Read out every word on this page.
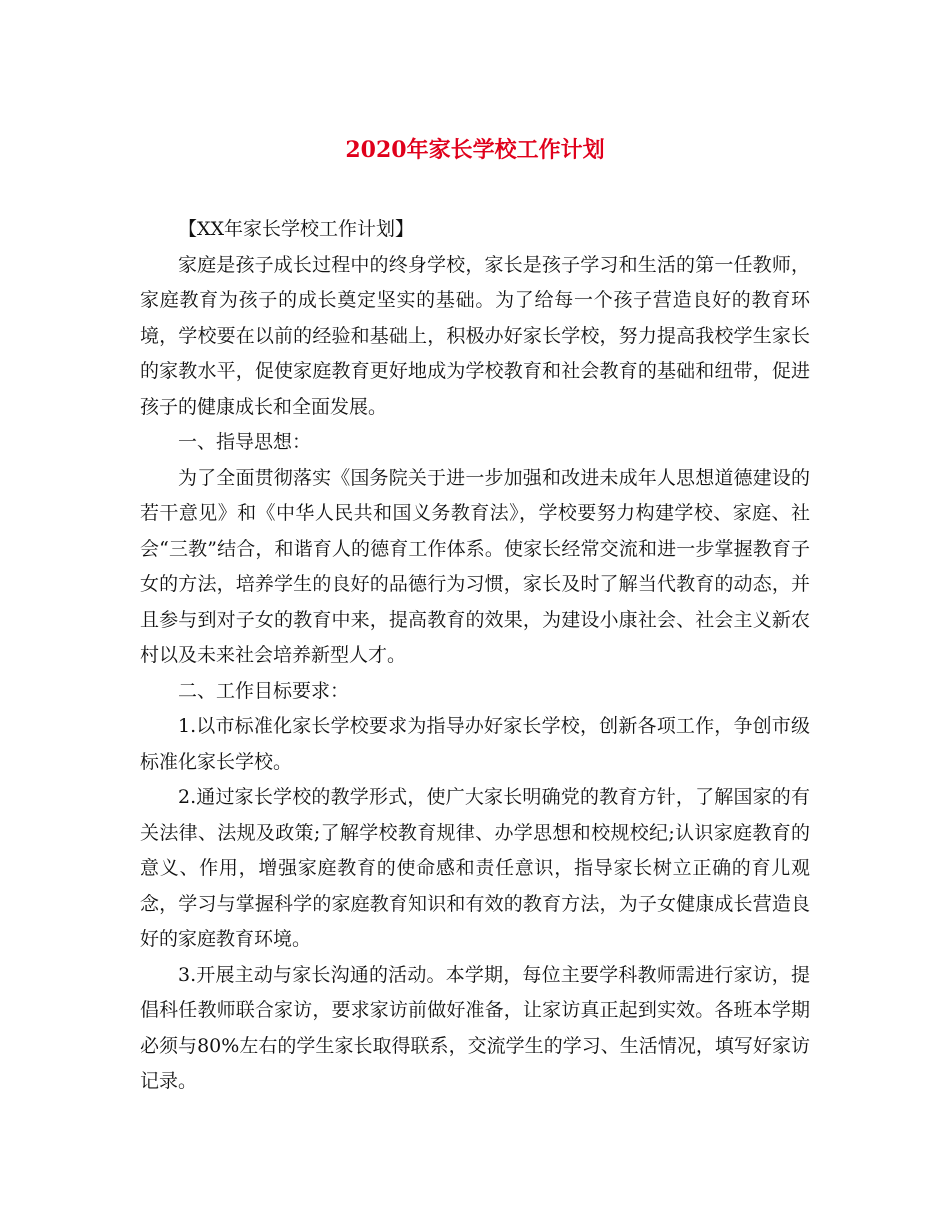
2020年家长学校工作计划

【XX年家长学校工作计划】

家庭是孩子成长过程中的终身学校，家长是孩子学习和生活的第一任教师，家庭教育为孩子的成长奠定坚实的基础。为了给每一个孩子营造良好的教育环境，学校要在以前的经验和基础上，积极办好家长学校，努力提高我校学生家长的家教水平，促使家庭教育更好地成为学校教育和社会教育的基础和纽带，促进孩子的健康成长和全面发展。

一、指导思想：

为了全面贯彻落实《国务院关于进一步加强和改进未成年人思想道德建设的若干意见》和《中华人民共和国义务教育法》，学校要努力构建学校、家庭、社会“三教”结合，和谐育人的德育工作体系。使家长经常交流和进一步掌握教育子女的方法，培养学生的良好的品德行为习惯，家长及时了解当代教育的动态，并且参与到对子女的教育中来，提高教育的效果，为建设小康社会、社会主义新农村以及未来社会培养新型人才。

二、工作目标要求：

1.以市标准化家长学校要求为指导办好家长学校，创新各项工作，争创市级标准化家长学校。

2.通过家长学校的教学形式，使广大家长明确党的教育方针，了解国家的有关法律、法规及政策;了解学校教育规律、办学思想和校规校纪;认识家庭教育的意义、作用，增强家庭教育的使命感和责任意识，指导家长树立正确的育儿观念，学习与掌握科学的家庭教育知识和有效的教育方法，为子女健康成长营造良好的家庭教育环境。

3.开展主动与家长沟通的活动。本学期，每位主要学科教师需进行家访，提倡科任教师联合家访，要求家访前做好准备，让家访真正起到实效。各班本学期必须与80%左右的学生家长取得联系，交流学生的学习、生活情况，填写好家访记录。
